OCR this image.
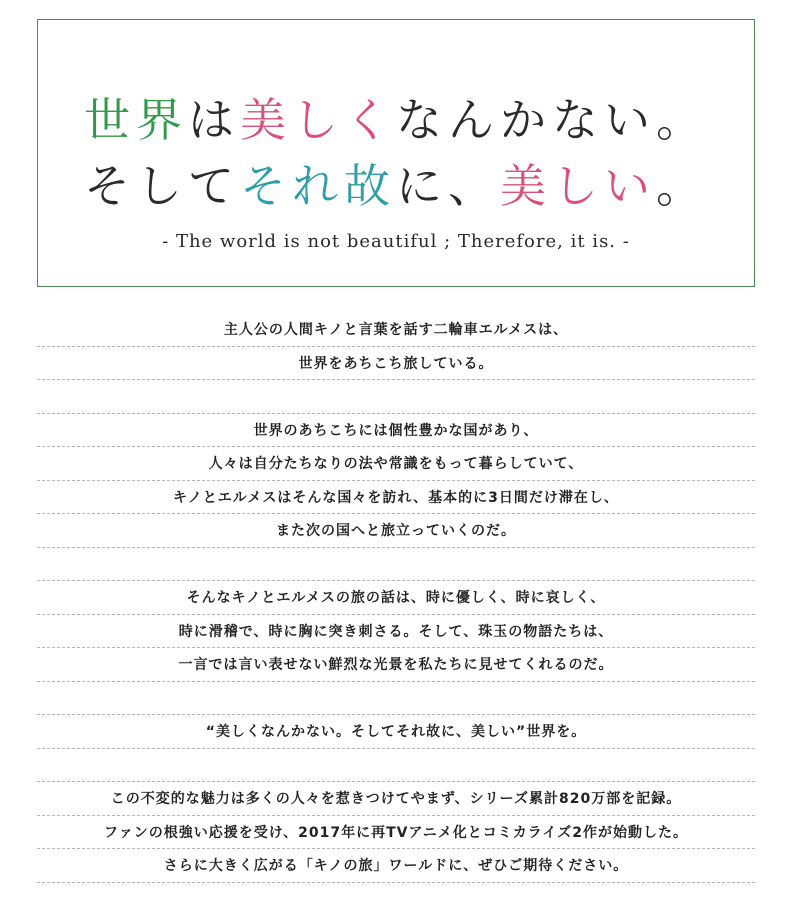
世界は美しくなんかない。
そしてそれ故に、美しい。
- The world is not beautiful ; Therefore, it is. -
主人公の人間キノと言葉を話す二輪車エルメスは、
世界をあちこち旅している。
世界のあちこちには個性豊かな国があり、
人々は自分たちなりの法や常識をもって暮らしていて、
キノとエルメスはそんな国々を訪れ、基本的に3日間だけ滞在し、
また次の国へと旅立っていくのだ。
そんなキノとエルメスの旅の話は、時に優しく、時に哀しく、
時に滑稽で、時に胸に突き刺さる。そして、珠玉の物語たちは、
一言では言い表せない鮮烈な光景を私たちに見せてくれるのだ。
“美しくなんかない。そしてそれ故に、美しい”世界を。
この不変的な魅力は多くの人々を惹きつけてやまず、シリーズ累計820万部を記録。
ファンの根強い応援を受け、2017年に再TVアニメ化とコミカライズ2作が始動した。
さらに大きく広がる「キノの旅」ワールドに、ぜひご期待ください。
